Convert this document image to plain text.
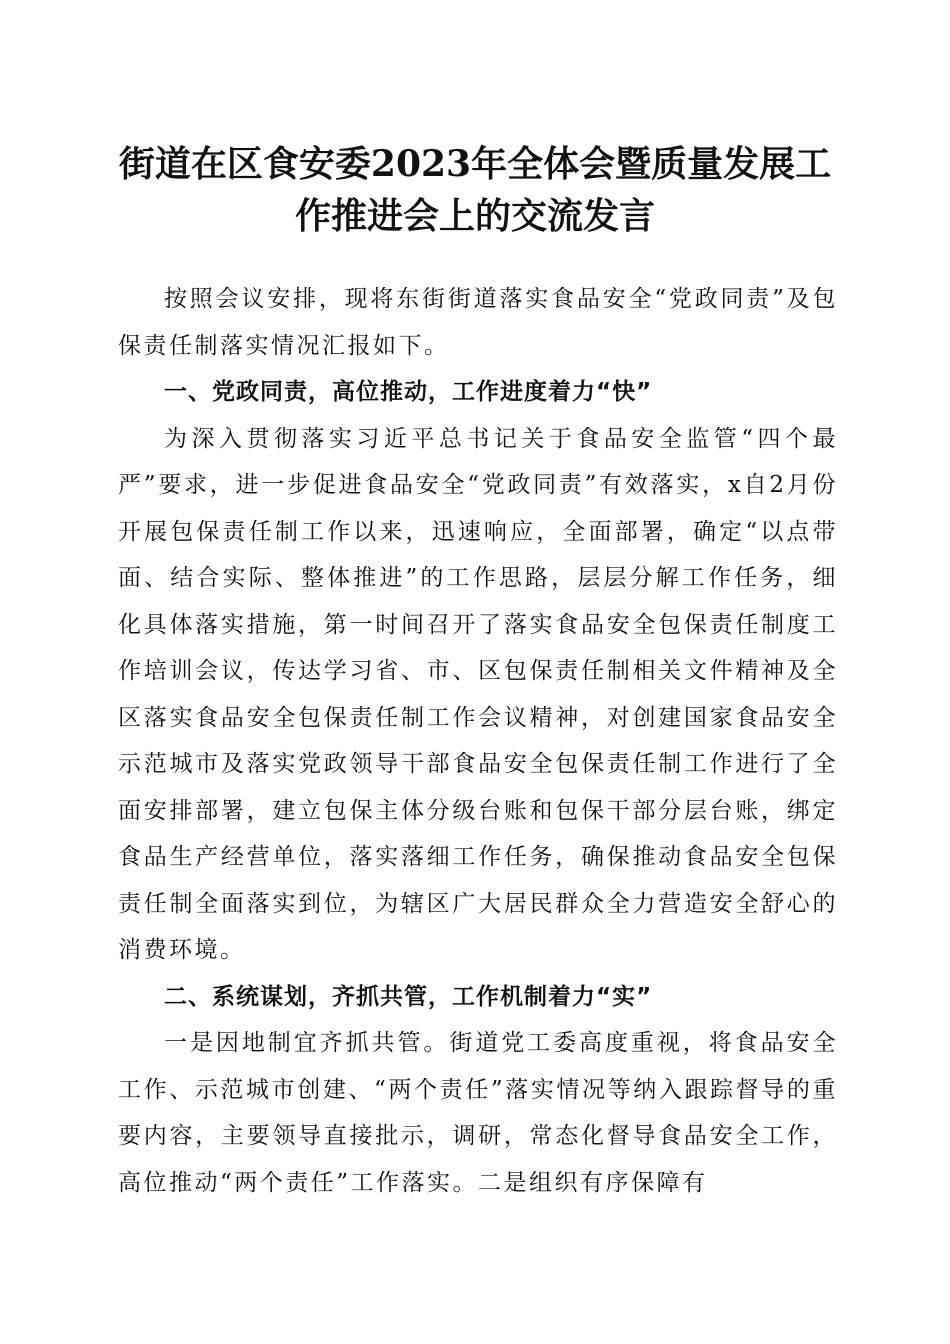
街道在区食安委2023年全体会暨质量发展工
作推进会上的交流发言

按照会议安排，现将东街街道落实食品安全“党政同责”及包保责任制落实情况汇报如下。

一、党政同责，高位推动，工作进度着力“快”

为深入贯彻落实习近平总书记关于食品安全监管“四个最严”要求，进一步促进食品安全“党政同责”有效落实，x自2月份开展包保责任制工作以来，迅速响应，全面部署，确定“以点带面、结合实际、整体推进”的工作思路，层层分解工作任务，细化具体落实措施，第一时间召开了落实食品安全包保责任制度工作培训会议，传达学习省、市、区包保责任制相关文件精神及全区落实食品安全包保责任制工作会议精神，对创建国家食品安全示范城市及落实党政领导干部食品安全包保责任制工作进行了全面安排部署，建立包保主体分级台账和包保干部分层台账，绑定食品生产经营单位，落实落细工作任务，确保推动食品安全包保责任制全面落实到位，为辖区广大居民群众全力营造安全舒心的消费环境。

二、系统谋划，齐抓共管，工作机制着力“实”

一是因地制宜齐抓共管。街道党工委高度重视，将食品安全工作、示范城市创建、“两个责任”落实情况等纳入跟踪督导的重要内容，主要领导直接批示，调研，常态化督导食品安全工作，高位推动“两个责任”工作落实。二是组织有序保障有
